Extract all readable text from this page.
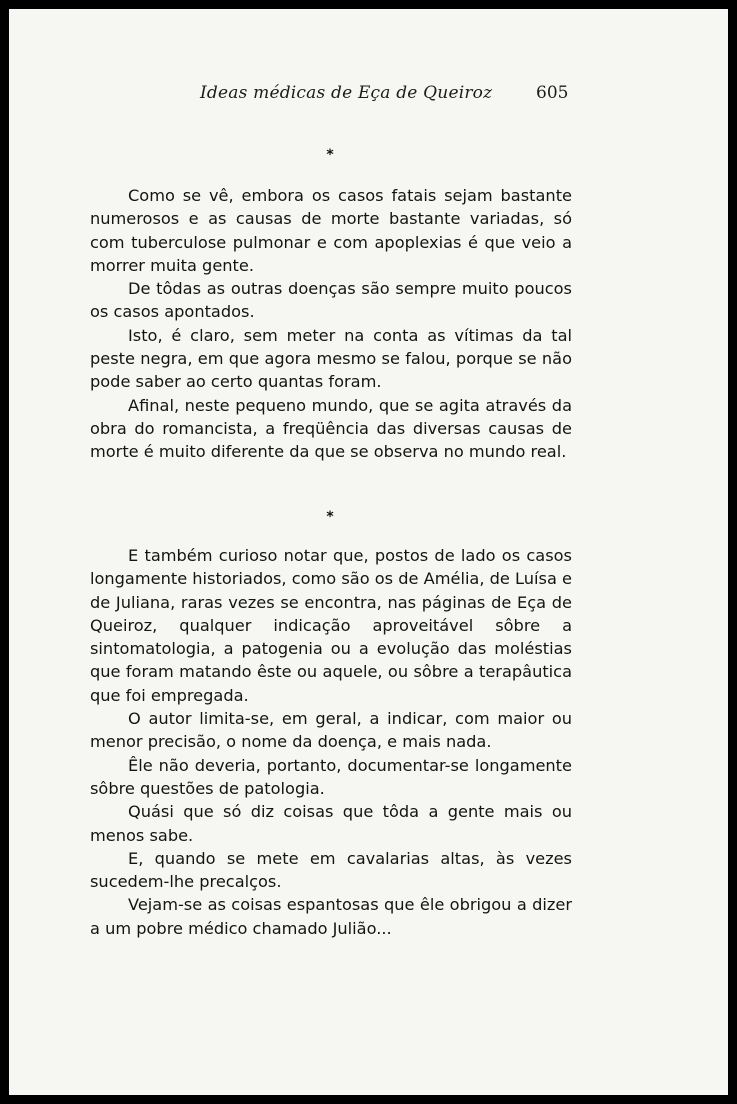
Ideas médicas de Eça de Queiroz	605
*

Como se vê, embora os casos fatais sejam bastante numerosos e as causas de morte bastante variadas, só com tuberculose pulmonar e com apoplexias é que veio a morrer muita gente.

De tôdas as outras doenças são sempre muito poucos os casos apontados.

Isto, é claro, sem meter na conta as vítimas da tal peste negra, em que agora mesmo se falou, porque se não pode saber ao certo quantas foram.

Afinal, neste pequeno mundo, que se agita através da obra do romancista, a freqüência das diversas causas de morte é muito diferente da que se observa no mundo real.

*

E também curioso notar que, postos de lado os casos longamente historiados, como são os de Amélia, de Luísa e de Juliana, raras vezes se encontra, nas páginas de Eça de Queiroz, qualquer indicação aproveitável sôbre a sintomatologia, a patogenia ou a evolução das moléstias que foram matando êste ou aquele, ou sôbre a terapâutica que foi empregada.

O autor limita-se, em geral, a indicar, com maior ou menor precisão, o nome da doença, e mais nada.

Êle não deveria, portanto, documentar-se longamente sôbre questões de patologia.

Quási que só diz coisas que tôda a gente mais ou menos sabe.

E, quando se mete em cavalarias altas, às vezes sucedem-lhe precalços.

Vejam-se as coisas espantosas que êle obrigou a dizer a um pobre médico chamado Julião...
